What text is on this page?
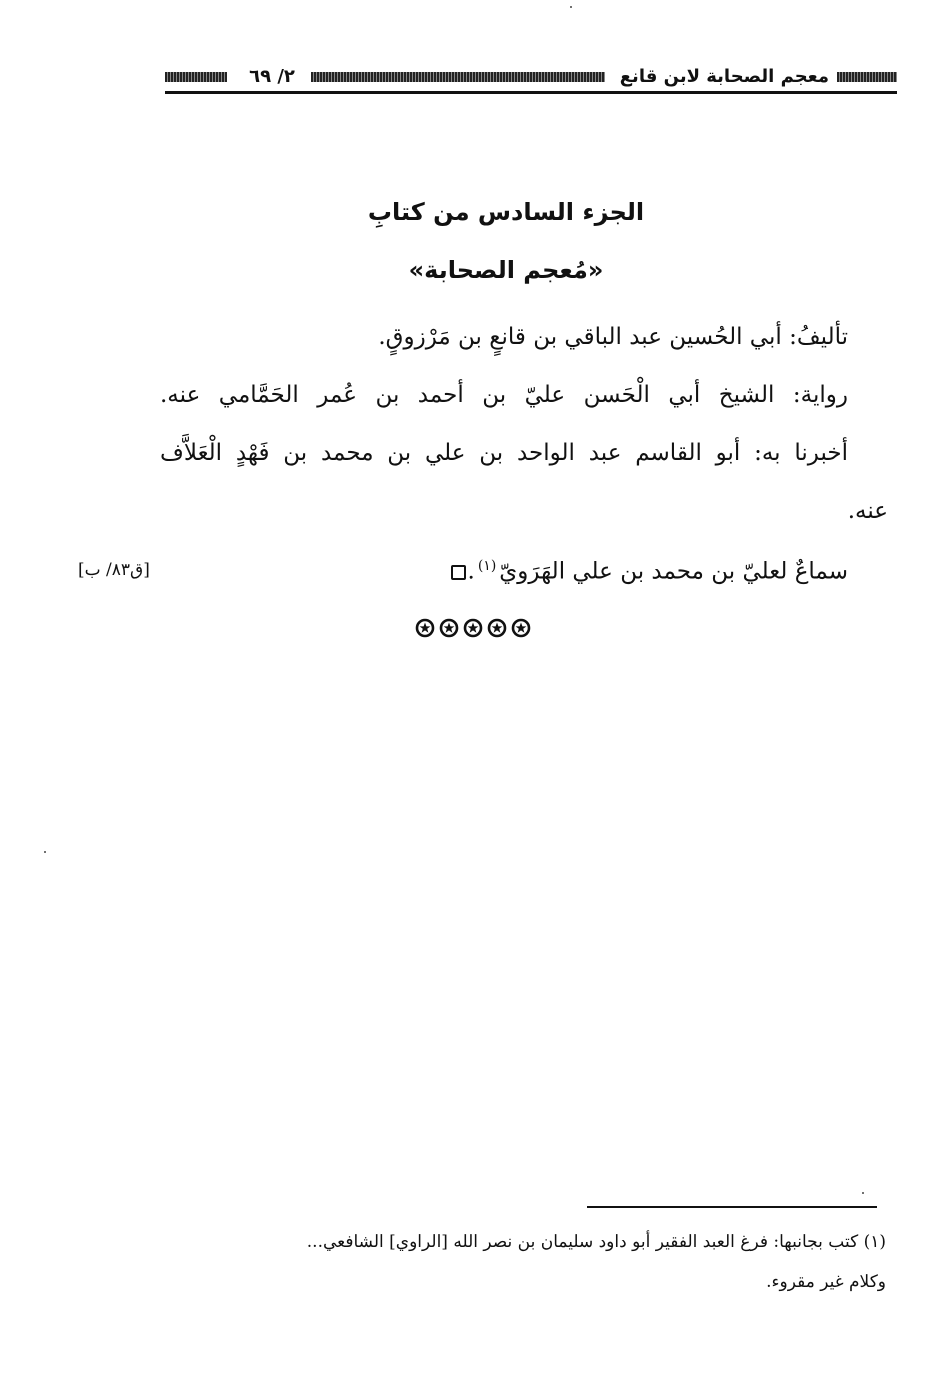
معجم الصحابة لابن قانع
٢/ ٦٩
الجزء السادس من كتابِ
«مُعجم الصحابة»
تأليفُ: أبي الحُسين عبد الباقي بن قانعٍ بن مَرْزوقٍ.
رواية: الشيخ أبي الْحَسن عليّ بن أحمد بن عُمر الحَمَّامي عنه.
أخبرنا به: أبو القاسم عبد الواحد بن علي بن محمد بن فَهْدٍ الْعَلاَّف
عنه.
سماعٌ لعليّ بن محمد بن علي الهَرَويّ$^{(١)}$.
[ق٨٣/ ب]
(١) كتب بجانبها: فرغ العبد الفقير أبو داود سليمان بن نصر الله [الراوي] الشافعي...
وكلام غير مقروء.
